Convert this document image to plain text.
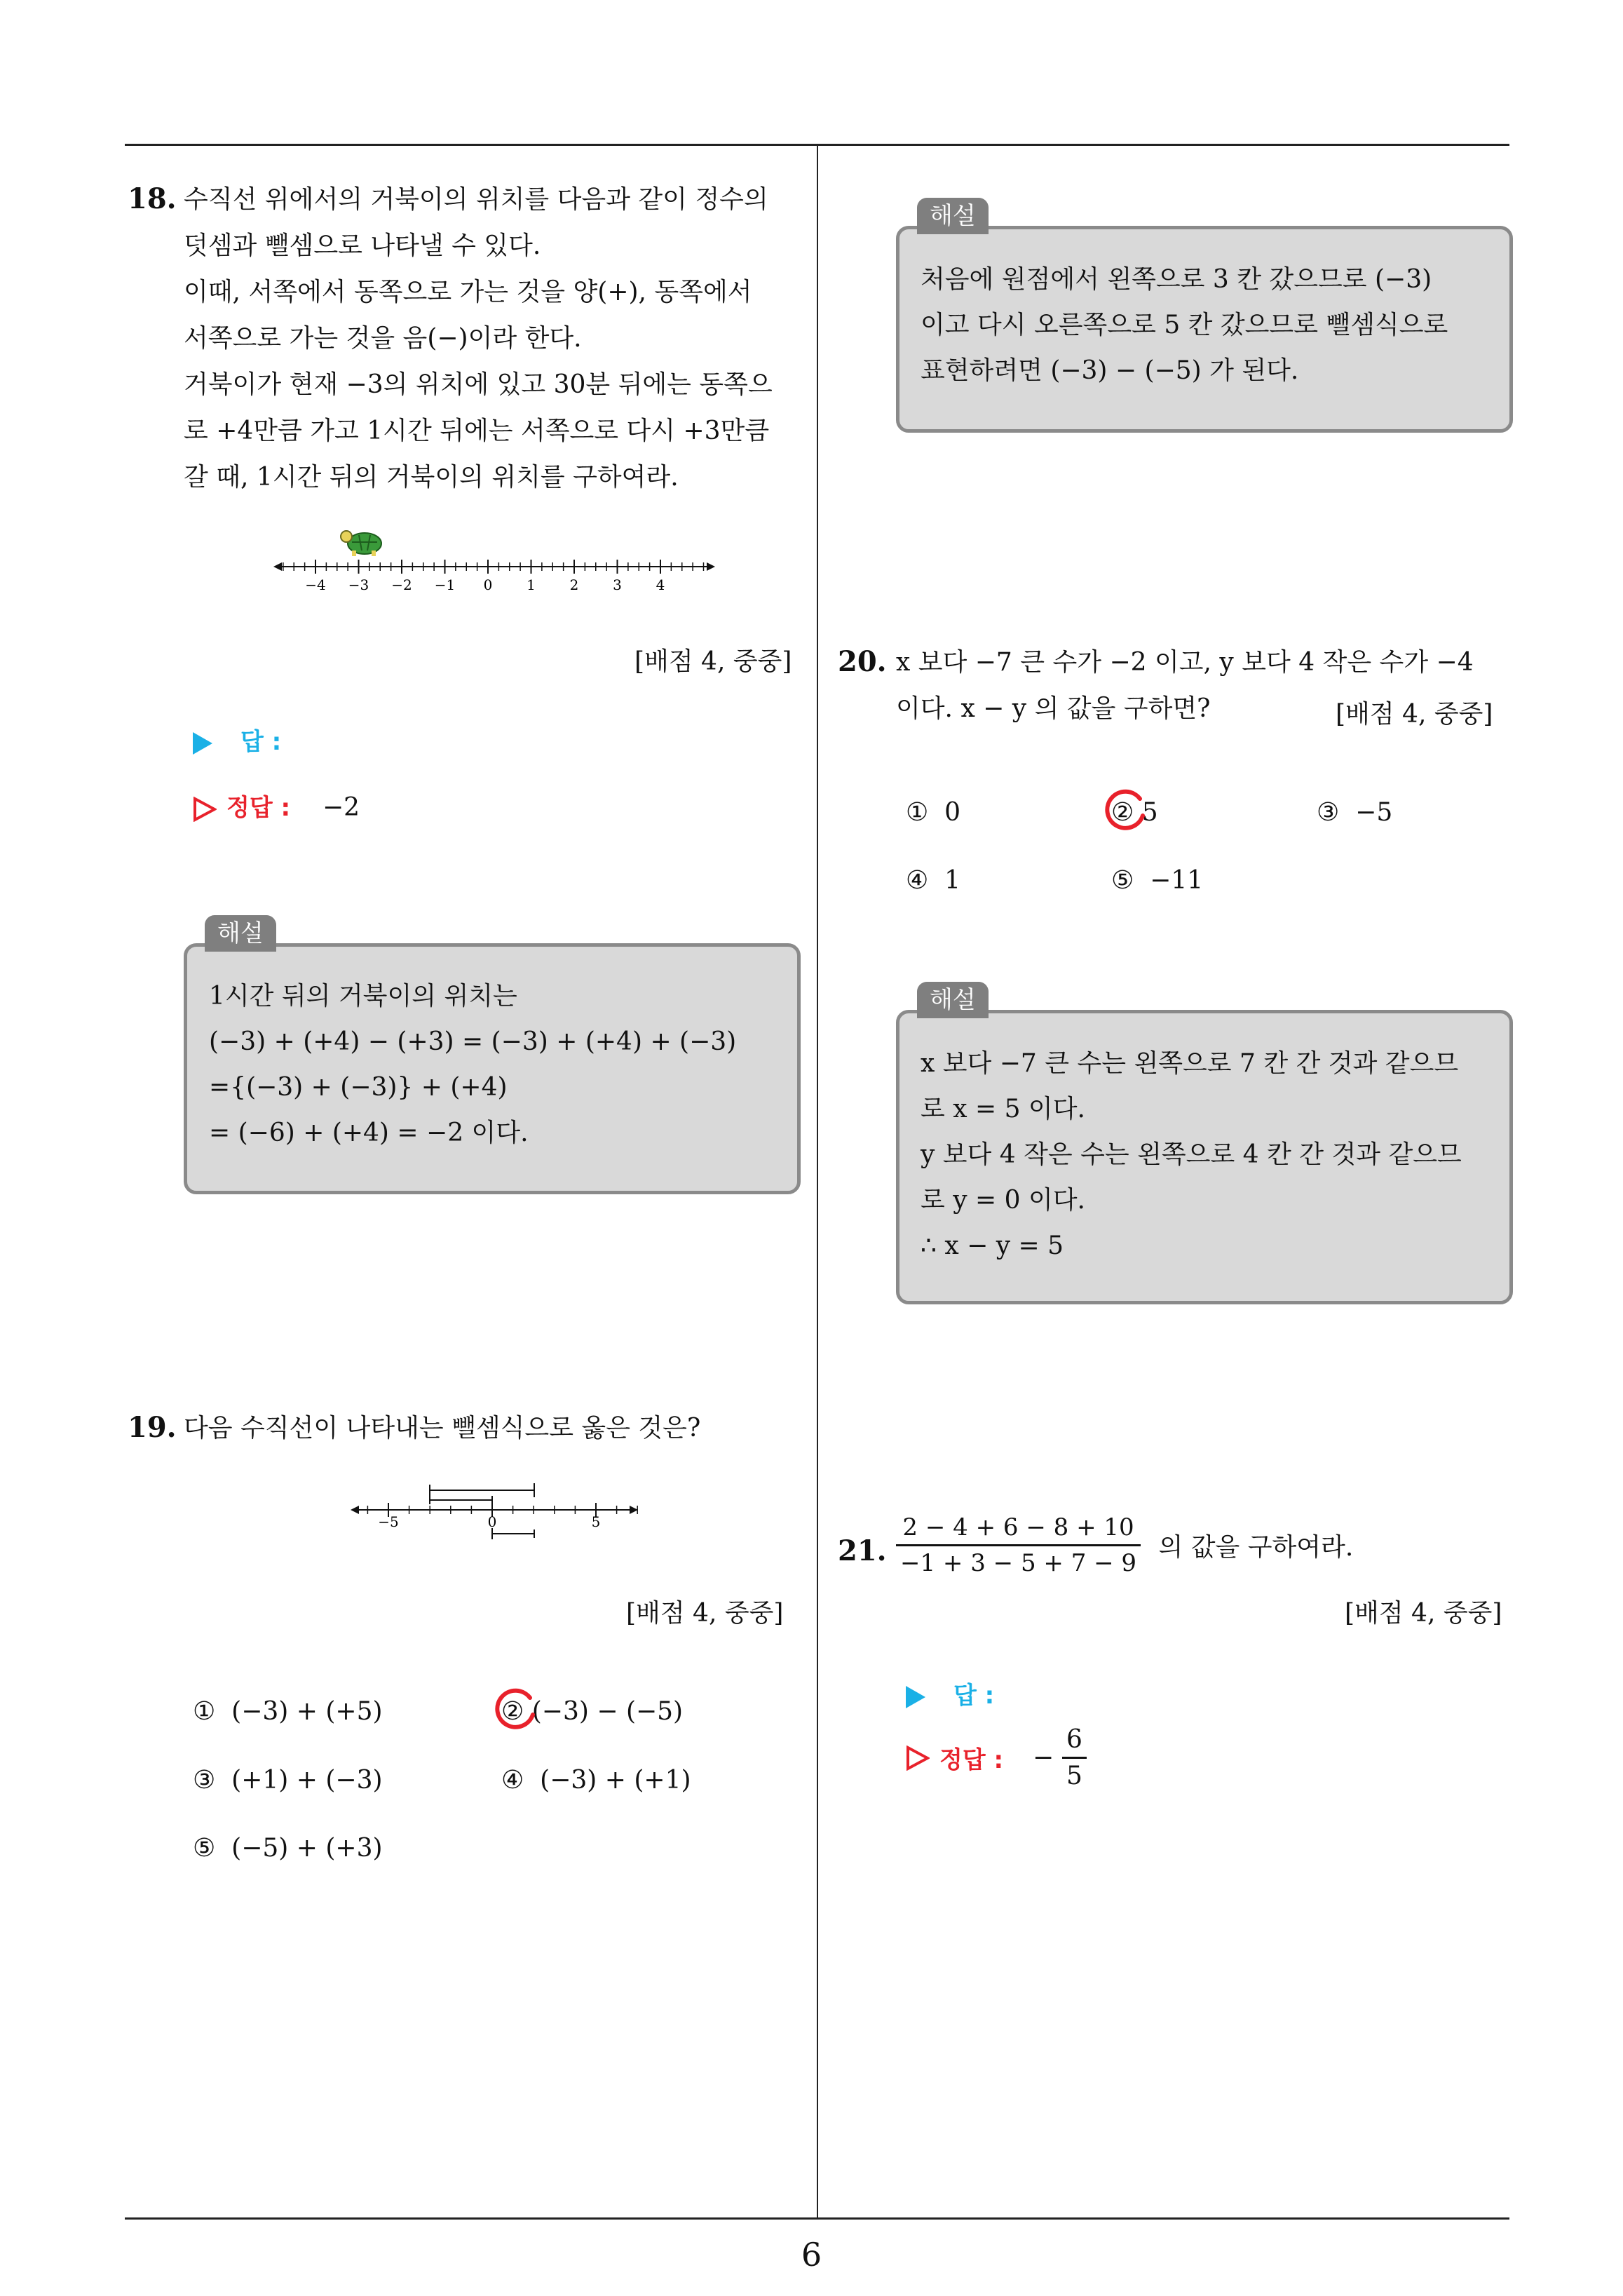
18. 수직선 위에서의 거북이의 위치를 다음과 같이 정수의
덧셈과 뺄셈으로 나타낼 수 있다.
이때, 서쪽에서 동쪽으로 가는 것을 양(+), 동쪽에서
서쪽으로 가는 것을 음(−)이라 한다.
거북이가 현재 −3의 위치에 있고 30분 뒤에는 동쪽으
로 +4만큼 가고 1시간 뒤에는 서쪽으로 다시 +3만큼
갈 때, 1시간 뒤의 거북이의 위치를 구하여라.
−4 −3 −2 −1 0 1 2 3 4
[배점 4, 중중]
답 :
정답 : −2
해설
1시간 뒤의 거북이의 위치는
(−3) + (+4) − (+3) = (−3) + (+4) + (−3)
={(−3) + (−3)} + (+4)
= (−6) + (+4) = −2 이다.
19. 다음 수직선이 나타내는 뺄셈식으로 옳은 것은?
−5	0	5
[배점 4, 중중]
① (−3) + (+5)	② (−3) − (−5)
③ (+1) + (−3)	④ (−3) + (+1)
⑤ (−5) + (+3)
해설
처음에 원점에서 왼쪽으로 3 칸 갔으므로 (−3)
이고 다시 오른쪽으로 5 칸 갔으므로 뺄셈식으로
표현하려면 (−3) − (−5) 가 된다.
20. x 보다 −7 큰 수가 −2 이고, y 보다 4 작은 수가 −4
이다. x − y 의 값을 구하면?	[배점 4, 중중]
① 0	② 5	③ −5
④ 1	⑤ −11
해설
x 보다 −7 큰 수는 왼쪽으로 7 칸 간 것과 같으므
로 x = 5 이다.
y 보다 4 작은 수는 왼쪽으로 4 칸 간 것과 같으므
로 y = 0 이다.
∴ x − y = 5
21. $\frac{2 - 4 + 6 - 8 + 10}{-1 + 3 - 5 + 7 - 9}$ 의 값을 구하여라.
[배점 4, 중중]
답 :
정답 : − $\frac{6}{5}$
6
